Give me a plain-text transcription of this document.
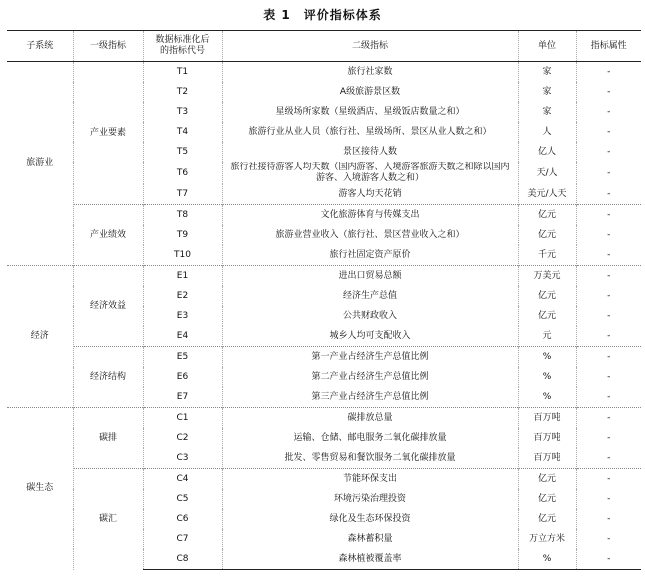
表 1　评价指标体系
子系统	一级指标	数据标准化后
的指标代号	二级指标	单位	指标属性
旅游业	产业要素	T1	旅行社家数	家	-
		T2	A级旅游景区数	家	-
		T3	星级场所家数（星级酒店、星级饭店数量之和）	家	-
		T4	旅游行业从业人员（旅行社、星级场所、景区从业人数之和）	人	-
		T5	景区接待人数	亿人	-
		T6	旅行社接待游客人均天数（国内游客、入境游客旅游天数之和除以国内游客、入境游客人数之和）	天/人	-
		T7	游客人均天花销	美元/人天	-
	产业绩效	T8	文化旅游体育与传媒支出	亿元	-
		T9	旅游业营业收入（旅行社、景区营业收入之和）	亿元	-
		T10	旅行社固定资产原价	千元	-
经济	经济效益	E1	进出口贸易总额	万美元	-
		E2	经济生产总值	亿元	-
		E3	公共财政收入	亿元	-
		E4	城乡人均可支配收入	元	-
	经济结构	E5	第一产业占经济生产总值比例	%	-
		E6	第二产业占经济生产总值比例	%	-
		E7	第三产业占经济生产总值比例	%	-
碳生态	碳排	C1	碳排放总量	百万吨	-
		C2	运输、仓储、邮电服务二氧化碳排放量	百万吨	-
		C3	批发、零售贸易和餐饮服务二氧化碳排放量	百万吨	-
	碳汇	C4	节能环保支出	亿元	-
		C5	环境污染治理投资	亿元	-
		C6	绿化及生态环保投资	亿元	-
		C7	森林蓄积量	万立方米	-
		C8	森林植被覆盖率	%	-
